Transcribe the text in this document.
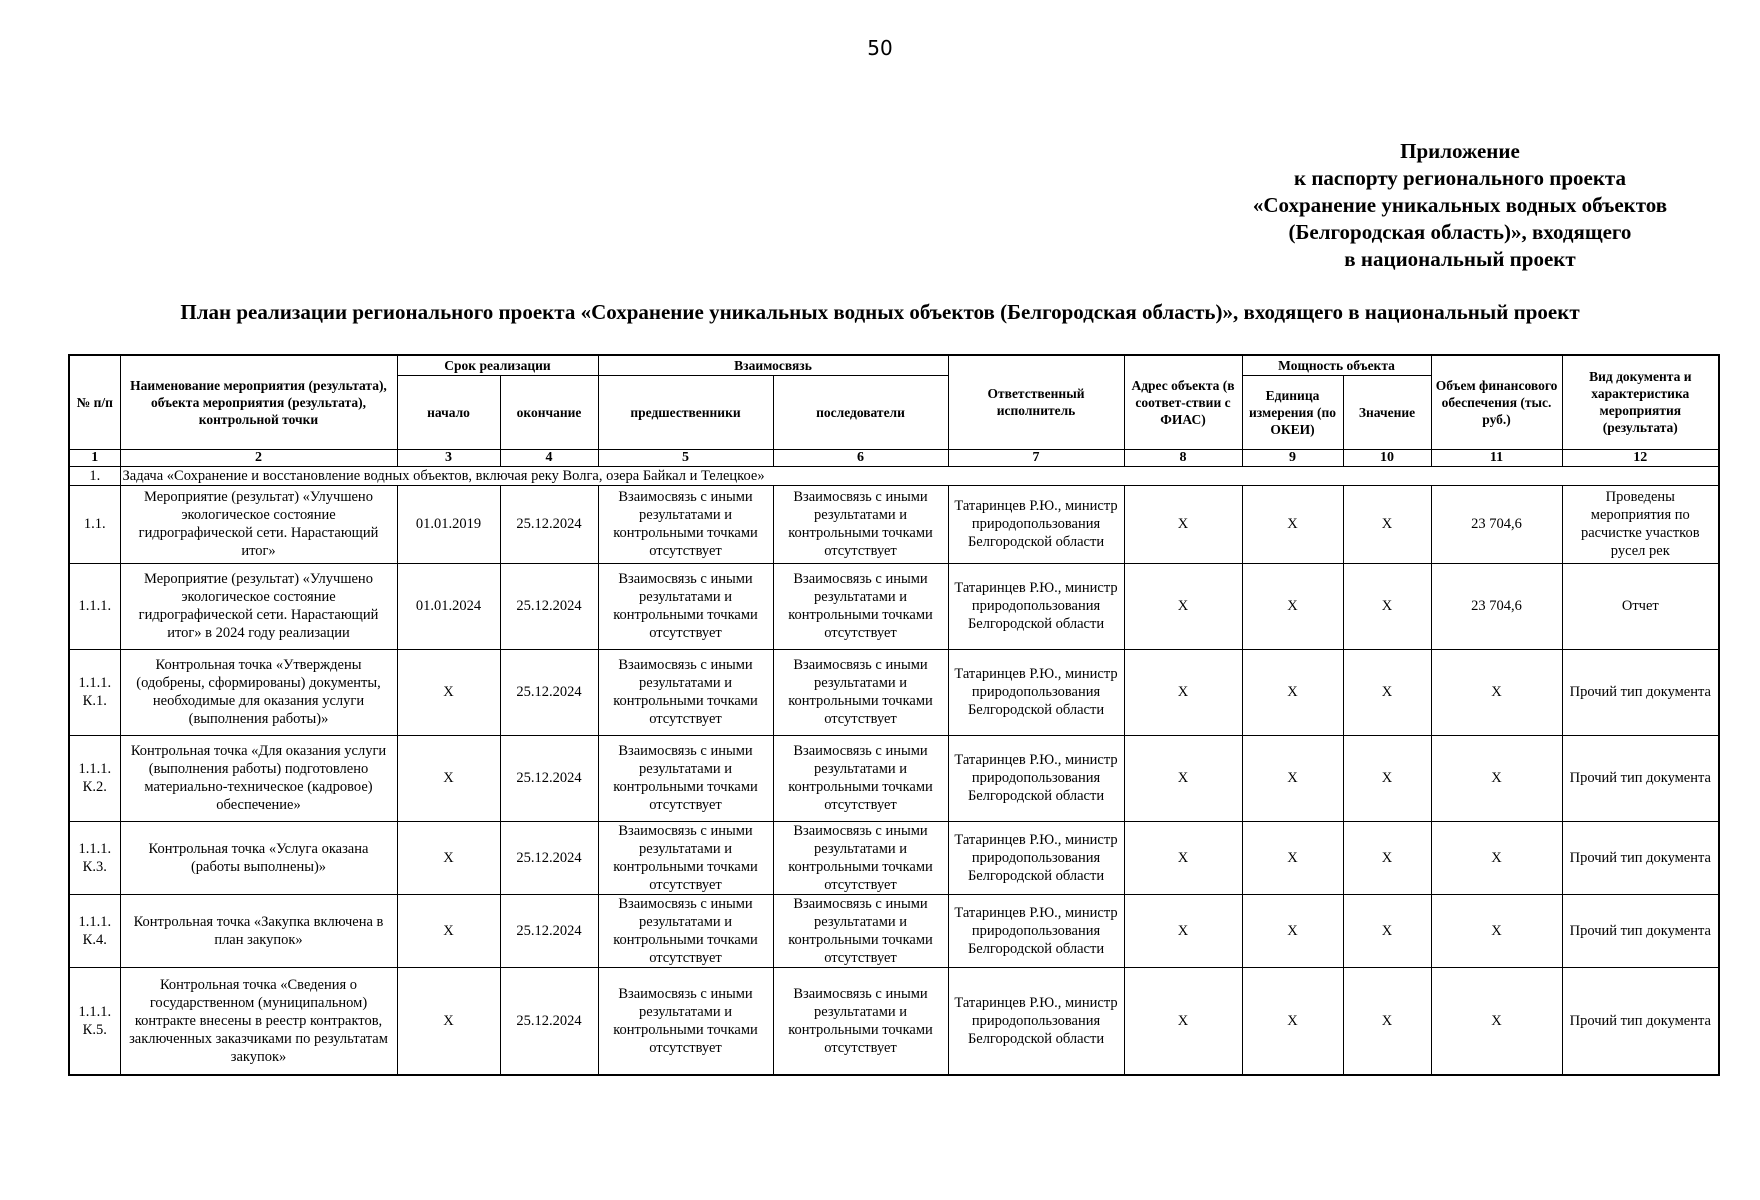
50
Приложение
к паспорту регионального проекта
«Сохранение уникальных водных объектов
(Белгородская область)», входящего
в национальный проект
План реализации регионального проекта «Сохранение уникальных водных объектов (Белгородская область)», входящего в национальный проект
№ п/п	Наименование мероприятия (результата), объекта мероприятия (результата), контрольной точки	Срок реализации		Взаимосвязь		Ответственный исполнитель	Адрес объекта (в соответ-ствии с ФИАС)	Мощность объекта		Объем финансового обеспечения (тыс. руб.)	Вид документа и характеристика мероприятия (результата)
		начало	окончание	предшественники	последователи			Единица измерения (по ОКЕИ)	Значение		
1	2	3	4	5	6	7	8	9	10	11	12
1.	Задача «Сохранение и восстановление водных объектов, включая реку Волга, озера Байкал и Телецкое»										
1.1.	Мероприятие (результат) «Улучшено экологическое состояние гидрографической сети. Нарастающий итог»	01.01.2019	25.12.2024	Взаимосвязь с иными результатами и контрольными точками отсутствует	Взаимосвязь с иными результатами и контрольными точками отсутствует	Татаринцев Р.Ю., министр природопользования Белгородской области	Х	Х	Х	23 704,6	Проведены мероприятия по расчистке участков русел рек
1.1.1.	Мероприятие (результат) «Улучшено экологическое состояние гидрографической сети. Нарастающий итог» в 2024 году реализации	01.01.2024	25.12.2024	Взаимосвязь с иными результатами и контрольными точками отсутствует	Взаимосвязь с иными результатами и контрольными точками отсутствует	Татаринцев Р.Ю., министр природопользования Белгородской области	Х	Х	Х	23 704,6	Отчет
1.1.1. К.1.	Контрольная точка «Утверждены (одобрены, сформированы) документы, необходимые для оказания услуги (выполнения работы)»	Х	25.12.2024	Взаимосвязь с иными результатами и контрольными точками отсутствует	Взаимосвязь с иными результатами и контрольными точками отсутствует	Татаринцев Р.Ю., министр природопользования Белгородской области	Х	Х	Х	Х	Прочий тип документа
1.1.1. К.2.	Контрольная точка «Для оказания услуги (выполнения работы) подготовлено материально-техническое (кадровое) обеспечение»	Х	25.12.2024	Взаимосвязь с иными результатами и контрольными точками отсутствует	Взаимосвязь с иными результатами и контрольными точками отсутствует	Татаринцев Р.Ю., министр природопользования Белгородской области	Х	Х	Х	Х	Прочий тип документа
1.1.1. К.3.	Контрольная точка «Услуга оказана (работы выполнены)»	Х	25.12.2024	Взаимосвязь с иными результатами и контрольными точками отсутствует	Взаимосвязь с иными результатами и контрольными точками отсутствует	Татаринцев Р.Ю., министр природопользования Белгородской области	Х	Х	Х	Х	Прочий тип документа
1.1.1. К.4.	Контрольная точка «Закупка включена в план закупок»	Х	25.12.2024	Взаимосвязь с иными результатами и контрольными точками отсутствует	Взаимосвязь с иными результатами и контрольными точками отсутствует	Татаринцев Р.Ю., министр природопользования Белгородской области	Х	Х	Х	Х	Прочий тип документа
1.1.1. К.5.	Контрольная точка «Сведения о государственном (муниципальном) контракте внесены в реестр контрактов, заключенных заказчиками по результатам закупок»	Х	25.12.2024	Взаимосвязь с иными результатами и контрольными точками отсутствует	Взаимосвязь с иными результатами и контрольными точками отсутствует	Татаринцев Р.Ю., министр природопользования Белгородской области	Х	Х	Х	Х	Прочий тип документа
